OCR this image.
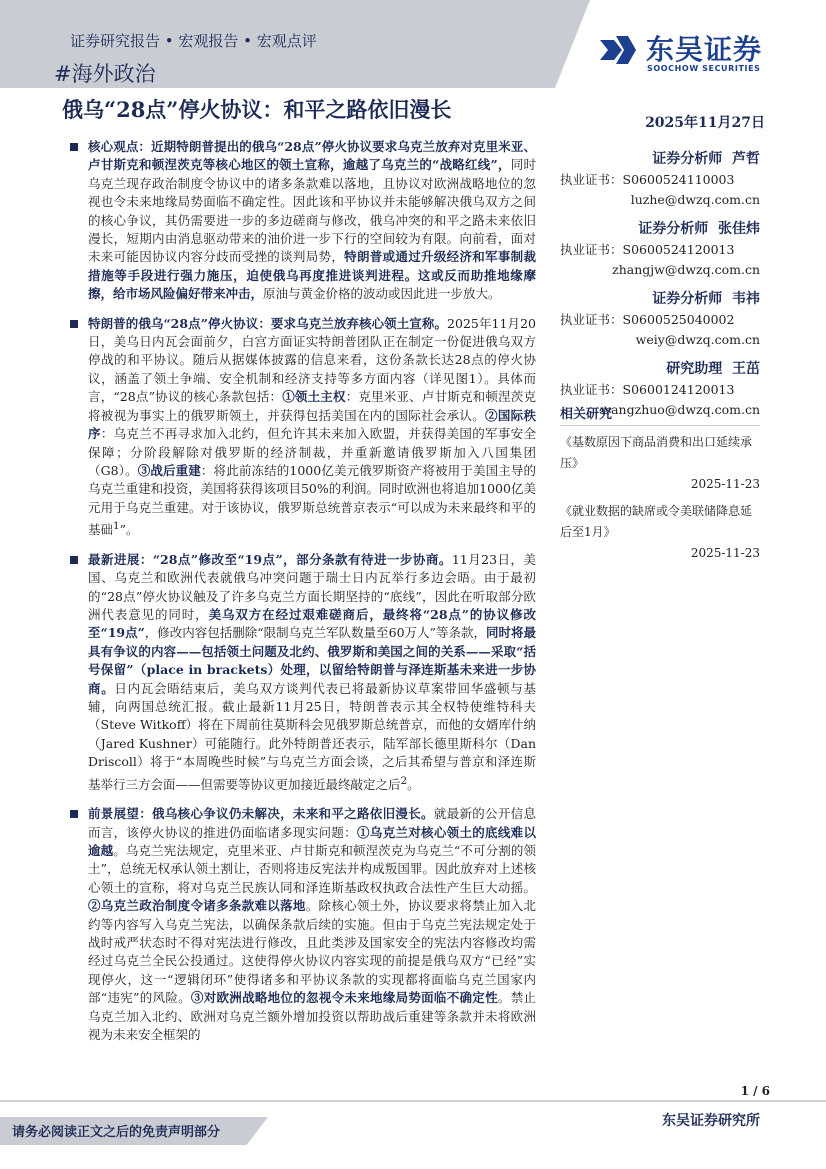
证券研究报告 • 宏观报告 • 宏观点评
#海外政治
东吴证券
SOOCHOW SECURITIES
俄乌“28点”停火协议：和平之路依旧漫长
2025年11月27日

核心观点：近期特朗普提出的俄乌“28点”停火协议要求乌克兰放弃对克里米亚、卢甘斯克和顿涅茨克等核心地区的领土宣称，逾越了乌克兰的“战略红线”，同时乌克兰现存政治制度令协议中的诸多条款难以落地，且协议对欧洲战略地位的忽视也令未来地缘局势面临不确定性。因此该和平协议并未能够解决俄乌双方之间的核心争议，其仍需要进一步的多边磋商与修改，俄乌冲突的和平之路未来依旧漫长，短期内由消息驱动带来的油价进一步下行的空间较为有限。向前看，面对未来可能因协议内容分歧而受挫的谈判局势，特朗普或通过升级经济和军事制裁措施等手段进行强力施压，迫使俄乌再度推进谈判进程。这或反而助推地缘摩擦，给市场风险偏好带来冲击，原油与黄金价格的波动或因此进一步放大。

特朗普的俄乌“28点”停火协议：要求乌克兰放弃核心领土宣称。2025年11月20日，美乌日内瓦会面前夕，白宫方面证实特朗普团队正在制定一份促进俄乌双方停战的和平协议。随后从据媒体披露的信息来看，这份条款长达28点的停火协议，涵盖了领土争端、安全机制和经济支持等多方面内容（详见图1）。具体而言，“28点”协议的核心条款包括：①领土主权：克里米亚、卢甘斯克和顿涅茨克将被视为事实上的俄罗斯领土，并获得包括美国在内的国际社会承认。②国际秩序：乌克兰不再寻求加入北约，但允许其未来加入欧盟，并获得美国的军事安全保障；分阶段解除对俄罗斯的经济制裁，并重新邀请俄罗斯加入八国集团（G8）。③战后重建：将此前冻结的1000亿美元俄罗斯资产将被用于美国主导的乌克兰重建和投资，美国将获得该项目50%的利润。同时欧洲也将追加1000亿美元用于乌克兰重建。对于该协议，俄罗斯总统普京表示“可以成为未来最终和平的基础$^1$”。

最新进展：“28点”修改至“19点”，部分条款有待进一步协商。11月23日，美国、乌克兰和欧洲代表就俄乌冲突问题于瑞士日内瓦举行多边会晤。由于最初的“28点”停火协议触及了许多乌克兰方面长期坚持的“底线”，因此在听取部分欧洲代表意见的同时，美乌双方在经过艰难磋商后，最终将“28点”的协议修改至“19点”，修改内容包括删除“限制乌克兰军队数量至60万人”等条款，同时将最具有争议的内容——包括领土问题及北约、俄罗斯和美国之间的关系——采取“括号保留”（place in brackets）处理，以留给特朗普与泽连斯基未来进一步协商。日内瓦会晤结束后，美乌双方谈判代表已将最新协议草案带回华盛顿与基辅，向两国总统汇报。截止最新11月25日，特朗普表示其全权特使维特科夫（Steve Witkoff）将在下周前往莫斯科会见俄罗斯总统普京，而他的女婿库什纳（Jared Kushner）可能随行。此外特朗普还表示，陆军部长德里斯科尔（Dan Driscoll）将于“本周晚些时候”与乌克兰方面会谈，之后其希望与普京和泽连斯基举行三方会面——但需要等协议更加接近最终敲定之后$^2$。

前景展望：俄乌核心争议仍未解决，未来和平之路依旧漫长。就最新的公开信息而言，该停火协议的推进仍面临诸多现实问题：①乌克兰对核心领土的底线难以逾越。乌克兰宪法规定，克里米亚、卢甘斯克和顿涅茨克为乌克兰“不可分割的领土”，总统无权承认领土割让，否则将违反宪法并构成叛国罪。因此放弃对上述核心领土的宣称，将对乌克兰民族认同和泽连斯基政权执政合法性产生巨大动摇。②乌克兰政治制度令诸多条款难以落地。除核心领土外，协议要求将禁止加入北约等内容写入乌克兰宪法，以确保条款后续的实施。但由于乌克兰宪法规定处于战时戒严状态时不得对宪法进行修改，且此类涉及国家安全的宪法内容修改均需经过乌克兰全民公投通过。这使得停火协议内容实现的前提是俄乌双方“已经”实现停火，这一“逻辑闭环”使得诸多和平协议条款的实现都将面临乌克兰国家内部“违宪”的风险。③对欧洲战略地位的忽视令未来地缘局势面临不确定性。禁止乌克兰加入北约、欧洲对乌克兰额外增加投资以帮助战后重建等条款并未将欧洲视为未来安全框架的

证券分析师 芦哲
执业证书：S0600524110003
luzhe@dwzq.com.cn
证券分析师 张佳炜
执业证书：S0600524120013
zhangjw@dwzq.com.cn
证券分析师 韦祎
执业证书：S0600525040002
weiy@dwzq.com.cn
研究助理 王茁
执业证书：S0600124120013
wangzhuo@dwzq.com.cn
相关研究
《基数原因下商品消费和出口延续承压》
2025-11-23
《就业数据的缺席或令美联储降息延后至1月》
2025-11-23
1 / 6
东吴证券研究所
请务必阅读正文之后的免责声明部分
